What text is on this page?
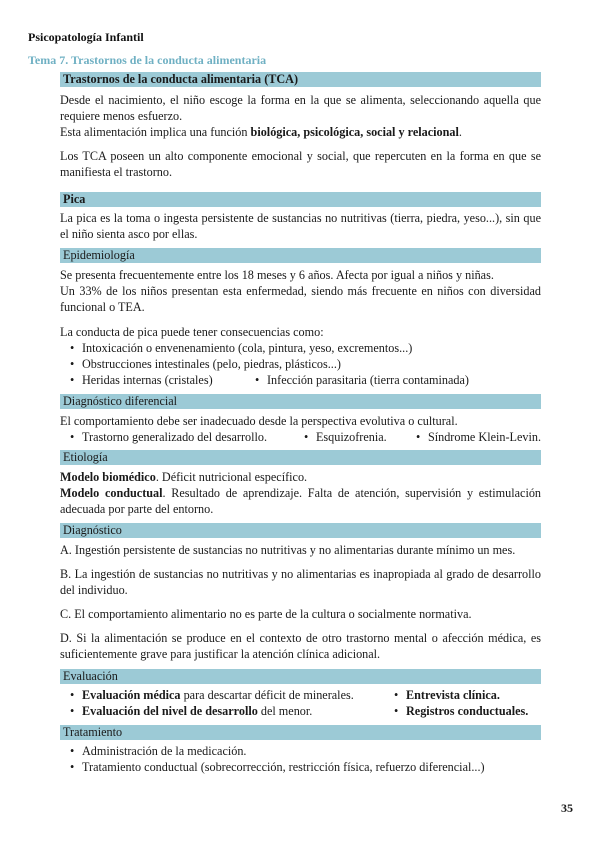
Psicopatología Infantil
Tema 7. Trastornos de la conducta alimentaria
Trastornos de la conducta alimentaria (TCA)

Desde el nacimiento, el niño escoge la forma en la que se alimenta, seleccionando aquella que requiere menos esfuerzo.

Esta alimentación implica una función biológica, psicológica, social y relacional.

Los TCA poseen un alto componente emocional y social, que repercuten en la forma en que se manifiesta el trastorno.

Pica

La pica es la toma o ingesta persistente de sustancias no nutritivas (tierra, piedra, yeso...), sin que el niño sienta asco por ellas.

Epidemiología

Se presenta frecuentemente entre los 18 meses y 6 años. Afecta por igual a niños y niñas.

Un 33% de los niños presentan esta enfermedad, siendo más frecuente en niños con diversidad funcional o TEA.

La conducta de pica puede tener consecuencias como:

• Intoxicación o envenenamiento (cola, pintura, yeso, excrementos...)
• Obstrucciones intestinales (pelo, piedras, plásticos...)
• Heridas internas (cristales)	• Infección parasitaria (tierra contaminada)
Diagnóstico diferencial

El comportamiento debe ser inadecuado desde la perspectiva evolutiva o cultural.

• Trastorno generalizado del desarrollo.	• Esquizofrenia.	• Síndrome Klein-Levin.
Etiología

Modelo biomédico. Déficit nutricional específico.

Modelo conductual. Resultado de aprendizaje. Falta de atención, supervisión y estimulación adecuada por parte del entorno.

Diagnóstico

A. Ingestión persistente de sustancias no nutritivas y no alimentarias durante mínimo un mes.

B. La ingestión de sustancias no nutritivas y no alimentarias es inapropiada al grado de desarrollo del individuo.

C. El comportamiento alimentario no es parte de la cultura o socialmente normativa.

D. Si la alimentación se produce en el contexto de otro trastorno mental o afección médica, es suficientemente grave para justificar la atención clínica adicional.

Evaluación
• Evaluación médica para descartar déficit de minerales.	• Entrevista clínica.
• Evaluación del nivel de desarrollo del menor.	• Registros conductuales.
Tratamiento
• Administración de la medicación.
• Tratamiento conductual (sobrecorrección, restricción física, refuerzo diferencial...)
35
